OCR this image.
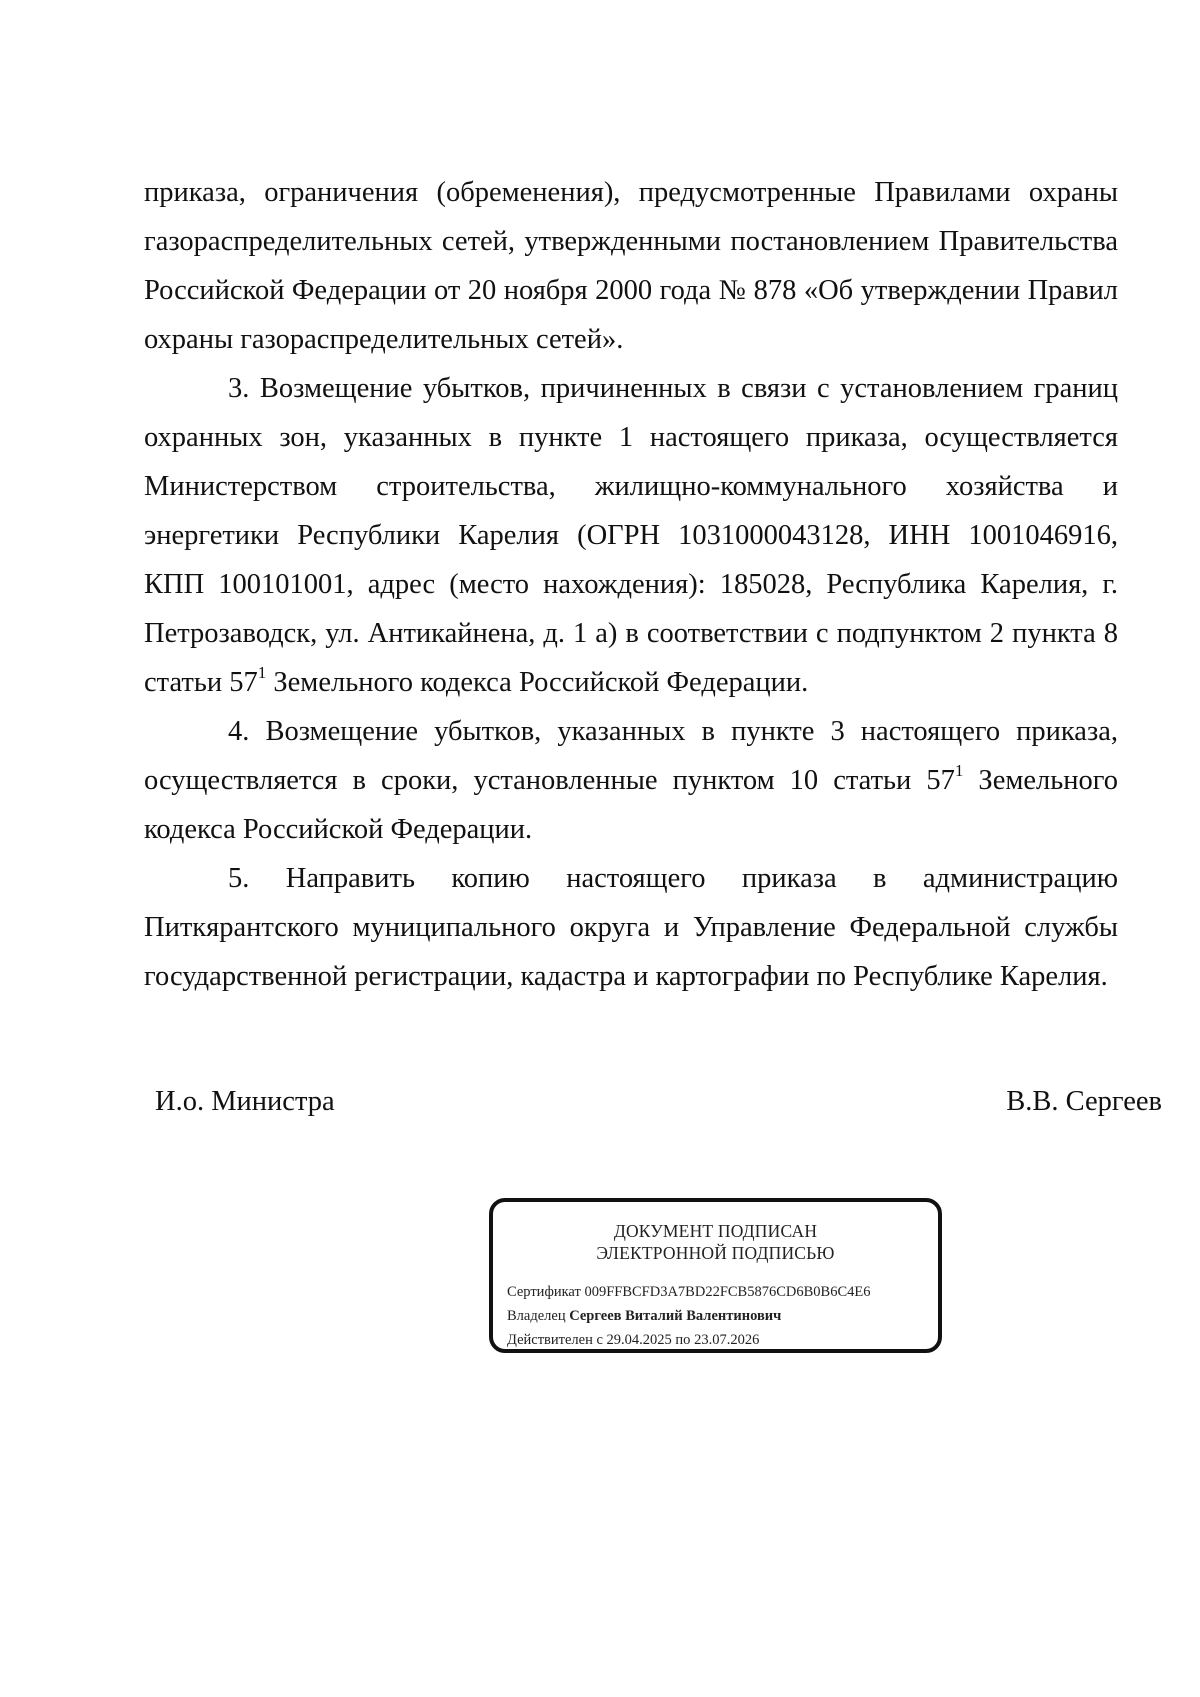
приказа, ограничения (обременения), предусмотренные Правилами охраны газораспределительных сетей, утвержденными постановлением Правительства Российской Федерации от 20 ноября 2000 года № 878 «Об утверждении Правил охраны газораспределительных сетей».

3. Возмещение убытков, причиненных в связи с установлением границ охранных зон, указанных в пункте 1 настоящего приказа, осуществляется Министерством строительства, жилищно-коммунального хозяйства и энергетики Республики Карелия (ОГРН 1031000043128, ИНН 1001046916, КПП 100101001, адрес (место нахождения): 185028, Республика Карелия, г. Петрозаводск, ул. Антикайнена, д. 1 а) в соответствии с подпунктом 2 пункта 8 статьи $57^1$ Земельного кодекса Российской Федерации.

4. Возмещение убытков, указанных в пункте 3 настоящего приказа, осуществляется в сроки, установленные пунктом 10 статьи $57^1$ Земельного кодекса Российской Федерации.

5. Направить копию настоящего приказа в администрацию Питкярантского муниципального округа и Управление Федеральной службы государственной регистрации, кадастра и картографии по Республике Карелия.

И.о. Министра	В.В. Сергеев
ДОКУМЕНТ ПОДПИСАН
ЭЛЕКТРОННОЙ ПОДПИСЬЮ
Сертификат 009FFBCFD3A7BD22FCB5876CD6B0B6C4E6
Владелец Сергеев Виталий Валентинович
Действителен с 29.04.2025 по 23.07.2026
